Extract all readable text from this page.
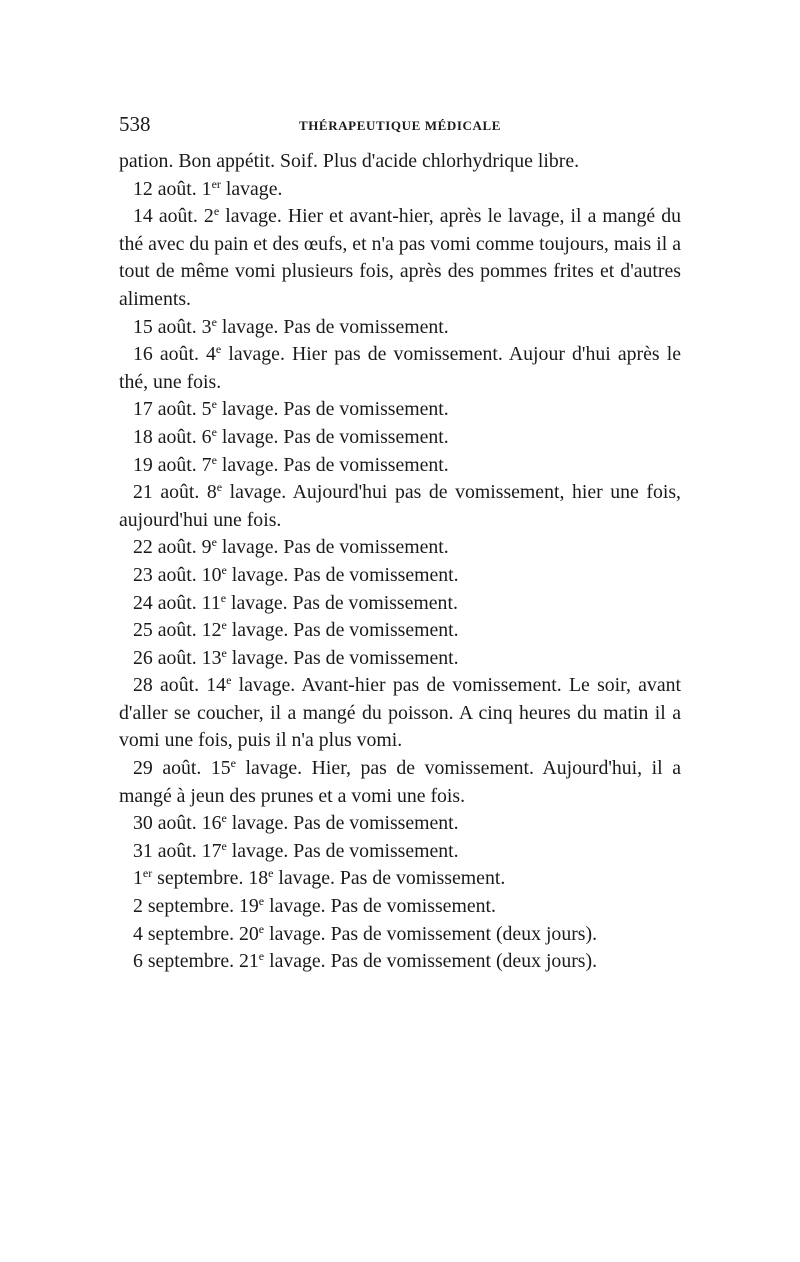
538	THÉRAPEUTIQUE MÉDICALE

pation. Bon appétit. Soif. Plus d'acide chlorhydrique libre.

12 août. 1er lavage.

14 août. 2e lavage. Hier et avant-hier, après le lavage, il a mangé du thé avec du pain et des œufs, et n'a pas vomi comme toujours, mais il a tout de même vomi plusieurs fois, après des pommes frites et d'autres aliments.

15 août. 3e lavage. Pas de vomissement.

16 août. 4e lavage. Hier pas de vomissement. Aujour d'hui après le thé, une fois.

17 août. 5e lavage. Pas de vomissement.

18 août. 6e lavage. Pas de vomissement.

19 août. 7e lavage. Pas de vomissement.

21 août. 8e lavage. Aujourd'hui pas de vomissement, hier une fois, aujourd'hui une fois.

22 août. 9e lavage. Pas de vomissement.

23 août. 10e lavage. Pas de vomissement.

24 août. 11e lavage. Pas de vomissement.

25 août. 12e lavage. Pas de vomissement.

26 août. 13e lavage. Pas de vomissement.

28 août. 14e lavage. Avant-hier pas de vomissement. Le soir, avant d'aller se coucher, il a mangé du poisson. A cinq heures du matin il a vomi une fois, puis il n'a plus vomi.

29 août. 15e lavage. Hier, pas de vomissement. Aujourd'hui, il a mangé à jeun des prunes et a vomi une fois.

30 août. 16e lavage. Pas de vomissement.

31 août. 17e lavage. Pas de vomissement.

1er septembre. 18e lavage. Pas de vomissement.

2 septembre. 19e lavage. Pas de vomissement.

4 septembre. 20e lavage. Pas de vomissement (deux jours).

6 septembre. 21e lavage. Pas de vomissement (deux jours).
